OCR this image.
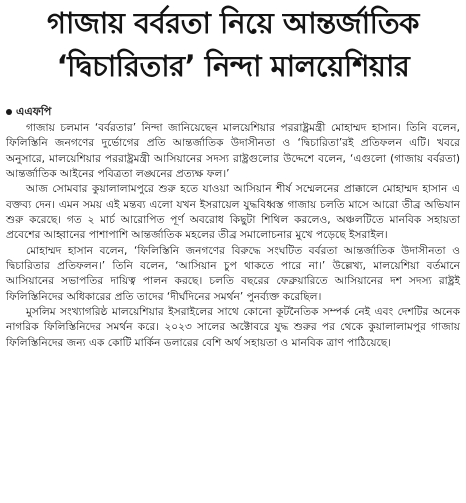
গাজায় বর্বরতা নিয়ে আন্তর্জাতিক
‘দ্বিচারিতার’ নিন্দা মালয়েশিয়ার
এএফপি

গাজায় চলমান ‘বর্বরতার’ নিন্দা জানিয়েছেন মালয়েশিয়ার পররাষ্ট্রমন্ত্রী মোহাম্মদ হাসান। তিনি বলেন, ফিলিস্তিনি জনগণের দুর্ভোগের প্রতি আন্তর্জাতিক উদাসীনতা ও ‘দ্বিচারিতা’রই প্রতিফলন এটি। খবরে অনুসারে, মালয়েশিয়ার পররাষ্ট্রমন্ত্রী আসিয়ানের সদস্য রাষ্ট্রগুলোর উদ্দেশে বলেন, ‘এগুলো (গাজায় বর্বরতা) আন্তর্জাতিক আইনের পবিত্রতা লঙ্ঘনের প্রত্যক্ষ ফল।’

আজ সোমবার কুয়ালালামপুরে শুরু হতে যাওয়া আসিয়ান শীর্ষ সম্মেলনের প্রাক্কালে মোহাম্মদ হাসান এ বক্তব্য দেন। এমন সময় এই মন্তব্য এলো যখন ইসরায়েল যুদ্ধবিধ্বস্ত গাজায় চলতি মাসে আরো তীব্র অভিযান শুরু করেছে। গত ২ মার্চ আরোপিত পূর্ণ অবরোধ কিছুটা শিথিল করলেও, অঞ্চলটিতে মানবিক সহায়তা প্রবেশের আহ্বানের পাশাপাশি আন্তর্জাতিক মহলের তীব্র সমালোচনার মুখে পড়েছে ইসরাইল।

মোহাম্মদ হাসান বলেন, ‘ফিলিস্তিনি জনগণের বিরুদ্ধে সংঘটিত বর্বরতা আন্তর্জাতিক উদাসীনতা ও দ্বিচারিতার প্রতিফলন।’ তিনি বলেন, ‘আসিয়ান চুপ থাকতে পারে না।’ উল্লেখ্য, মালয়েশিয়া বর্তমানে আসিয়ানের সভাপতির দায়িত্ব পালন করছে। চলতি বছরের ফেব্রুয়ারিতে আসিয়ানের দশ সদস্য রাষ্ট্রই ফিলিস্তিনিদের অধিকারের প্রতি তাদের ‘দীর্ঘদিনের সমর্থন’ পুনর্ব্যক্ত করেছিল।

মুসলিম সংখ্যাগরিষ্ঠ মালয়েশিয়ার ইসরাইলের সাথে কোনো কূটনৈতিক সম্পর্ক নেই এবং দেশটির অনেক নাগরিক ফিলিস্তিনিদের সমর্থন করে। ২০২৩ সালের অক্টোবরে যুদ্ধ শুরুর পর থেকে কুয়ালালামপুর গাজায় ফিলিস্তিনিদের জন্য এক কোটি মার্কিন ডলারের বেশি অর্থ সহায়তা ও মানবিক ত্রাণ পাঠিয়েছে।
